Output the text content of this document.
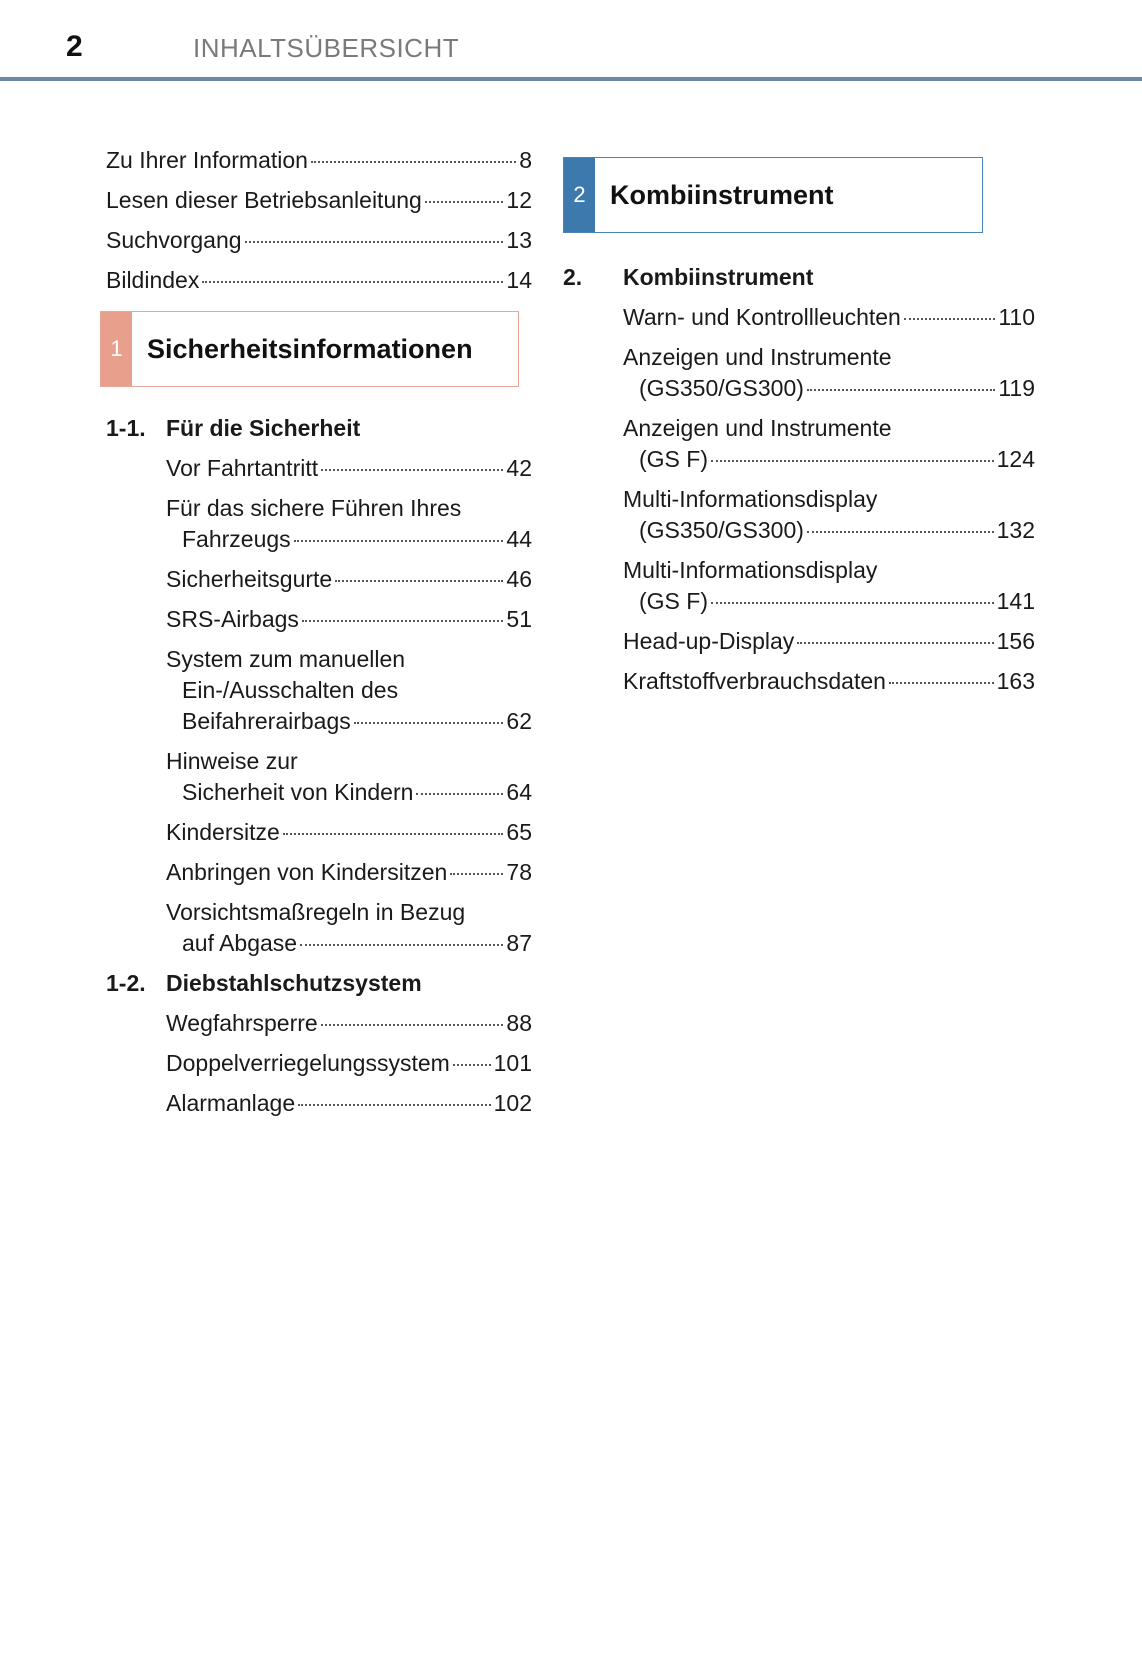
2	INHALTSÜBERSICHT
Zu Ihrer Information	8
Lesen dieser Betriebsanleitung	12
Suchvorgang	13
Bildindex	14
1 Sicherheitsinformationen
1-1. Für die Sicherheit
Vor Fahrtantritt	42
Für das sichere Führen Ihres
Fahrzeugs	44
Sicherheitsgurte	46
SRS-Airbags	51
System zum manuellen
Ein-/Ausschalten des
Beifahrerairbags	62
Hinweise zur
Sicherheit von Kindern	64
Kindersitze	65
Anbringen von Kindersitzen	78
Vorsichtsmaßregeln in Bezug
auf Abgase	87
1-2. Diebstahlschutzsystem
Wegfahrsperre	88
Doppelverriegelungssystem 101
Alarmanlage	102
2 Kombiinstrument
2.	Kombiinstrument
Warn- und Kontrollleuchten	110
Anzeigen und Instrumente
(GS350/GS300)	119
Anzeigen und Instrumente
(GS F)	124
Multi-Informationsdisplay
(GS350/GS300)	132
Multi-Informationsdisplay
(GS F)	141
Head-up-Display	156
Kraftstoffverbrauchsdaten	163
